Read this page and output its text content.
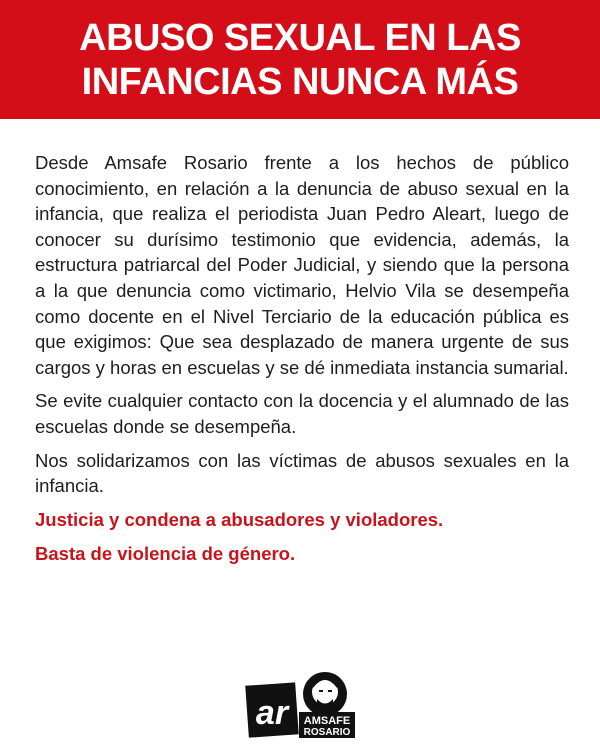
ABUSO SEXUAL EN LAS
INFANCIAS NUNCA MÁS

Desde Amsafe Rosario frente a los hechos de público conocimiento, en relación a la denuncia de abuso sexual en la infancia, que realiza el periodista Juan Pedro Aleart, luego de conocer su durísimo testimonio que evidencia, además, la estructura patriarcal del Poder Judicial, y siendo que la persona a la que denuncia como victimario, Helvio Vila se desempeña como docente en el Nivel Terciario de la educación pública es que exigimos: Que sea desplazado de manera urgente de sus cargos y horas en escuelas y se dé inmediata instancia sumarial.

Se evite cualquier contacto con la docencia y el alumnado de las escuelas donde se desempeña.

Nos solidarizamos con las víctimas de abusos sexuales en la infancia.

Justicia y condena a abusadores y violadores.

Basta de violencia de género.

ar AMSAFE
ROSARIO
